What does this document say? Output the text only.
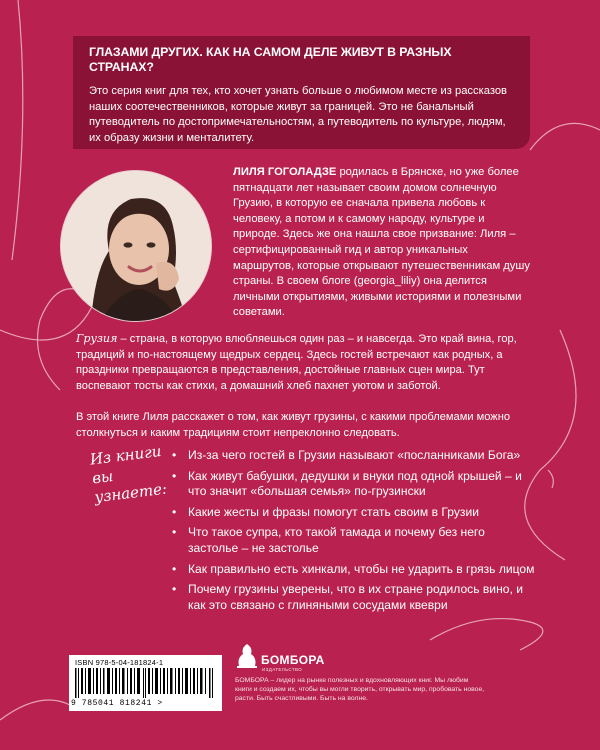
ГЛАЗАМИ ДРУГИХ. КАК НА САМОМ ДЕЛЕ ЖИВУТ В РАЗНЫХ СТРАНАХ?

Это серия книг для тех, кто хочет узнать больше о любимом месте из рассказов наших соотечественников, которые живут за границей. Это не банальный путеводитель по достопримечательностям, а путеводитель по культуре, людям, их образу жизни и менталитету.

ЛИЛЯ ГОГОЛАДЗЕ родилась в Брянске, но уже более пятнадцати лет называет своим домом солнечную Грузию, в которую ее сначала привела любовь к человеку, а потом и к самому народу, культуре и природе. Здесь же она нашла свое призвание: Лиля – сертифицированный гид и автор уникальных маршрутов, которые открывают путешественникам душу страны. В своем блоге (georgia_liliy) она делится личными открытиями, живыми историями и полезными советами.

Грузия – страна, в которую влюбляешься один раз – и навсегда. Это край вина, гор, традиций и по-настоящему щедрых сердец. Здесь гостей встречают как родных, а праздники превращаются в представления, достойные главных сцен мира. Тут воспевают тосты как стихи, а домашний хлеб пахнет уютом и заботой.

В этой книге Лиля расскажет о том, как живут грузины, с какими проблемами можно столкнуться и каким традициям стоит непреклонно следовать.

Из книги
вы узнаете:
• Из-за чего гостей в Грузии называют «посланниками Бога»
• Как живут бабушки, дедушки и внуки под одной крышей – и что значит «большая семья» по-грузински
• Какие жесты и фразы помогут стать своим в Грузии
• Что такое супра, кто такой тамада и почему без него застолье – не застолье
• Как правильно есть хинкали, чтобы не ударить в грязь лицом
• Почему грузины уверены, что в их стране родилось вино, и как это связано с глиняными сосудами квеври
ISBN 978-5-04-181824-1
9 785041 818241 >
БОМБОРА
ИЗДАТЕЛЬСТВО

БОМБОРА – лидер на рынке полезных и вдохновляющих книг. Мы любим книги и создаем их, чтобы вы могли творить, открывать мир, пробовать новое, расти. Быть счастливыми. Быть на волне.
